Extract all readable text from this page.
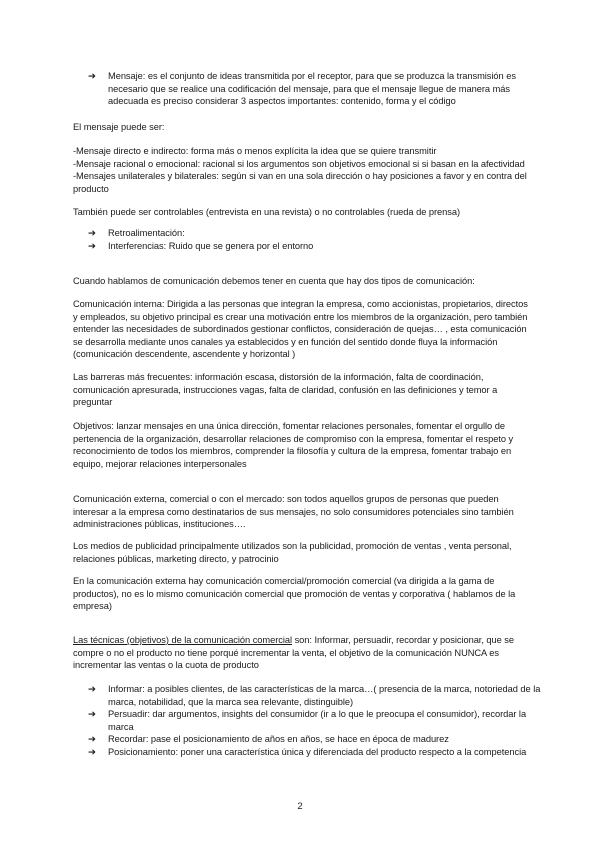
➔ Mensaje: es el conjunto de ideas transmitida por el receptor, para que se produzca la transmisión es necesario que se realice una codificación del mensaje, para que el mensaje llegue de manera más adecuada es preciso considerar 3 aspectos importantes: contenido, forma y el código

El mensaje puede ser:

-Mensaje directo e indirecto: forma más o menos explícita la idea que se quiere transmitir

-Mensaje racional o emocional: racional si los argumentos son objetivos emocional si si basan en la afectividad

-Mensajes unilaterales y bilaterales: según si van en una sola dirección o hay posiciones a favor y en contra del producto

También puede ser controlables (entrevista en una revista) o no controlables (rueda de prensa)

➔ Retroalimentación:
➔ Interferencias: Ruido que se genera por el entorno

Cuando hablamos de comunicación debemos tener en cuenta que hay dos tipos de comunicación:

Comunicación interna: Dirigida a las personas que integran la empresa, como accionistas, propietarios, directos y empleados, su objetivo principal es crear una motivación entre los miembros de la organización, pero también entender las necesidades de subordinados gestionar conflictos, consideración de quejas… , esta comunicación se desarrolla mediante unos canales ya establecidos y en función del sentido donde fluya la información (comunicación descendente, ascendente y horizontal )

Las barreras más frecuentes: información escasa, distorsión de la información, falta de coordinación, comunicación apresurada, instrucciones vagas, falta de claridad, confusión en las definiciones y temor a preguntar

Objetivos: lanzar mensajes en una única dirección, fomentar relaciones personales, fomentar el orgullo de pertenencia de la organización, desarrollar relaciones de compromiso con la empresa, fomentar el respeto y reconocimiento de todos los miembros, comprender la filosofía y cultura de la empresa, fomentar trabajo en equipo, mejorar relaciones interpersonales

Comunicación externa, comercial o con el mercado: son todos aquellos grupos de personas que pueden interesar a la empresa como destinatarios de sus mensajes, no solo consumidores potenciales sino también administraciones públicas, instituciones….

Los medios de publicidad principalmente utilizados son la publicidad, promoción de ventas , venta personal, relaciones públicas, marketing directo, y patrocinio

En la comunicación externa hay comunicación comercial/promoción comercial (va dirigida a la gama de productos), no es lo mismo comunicación comercial que promoción de ventas y corporativa ( hablamos de la empresa)

Las técnicas (objetivos) de la comunicación comercial son: Informar, persuadir, recordar y posicionar, que se compre o no el producto no tiene porqué incrementar la venta, el objetivo de la comunicación NUNCA es incrementar las ventas o la cuota de producto

➔ Informar: a posibles clientes, de las características de la marca…( presencia de la marca, notoriedad de la marca, notabilidad, que la marca sea relevante, distinguible)
➔ Persuadir: dar argumentos, insights del consumidor (ir a lo que le preocupa el consumidor), recordar la marca
➔ Recordar: pase el posicionamiento de años en años, se hace en época de madurez
➔ Posicionamiento: poner una característica única y diferenciada del producto respecto a la competencia
2
